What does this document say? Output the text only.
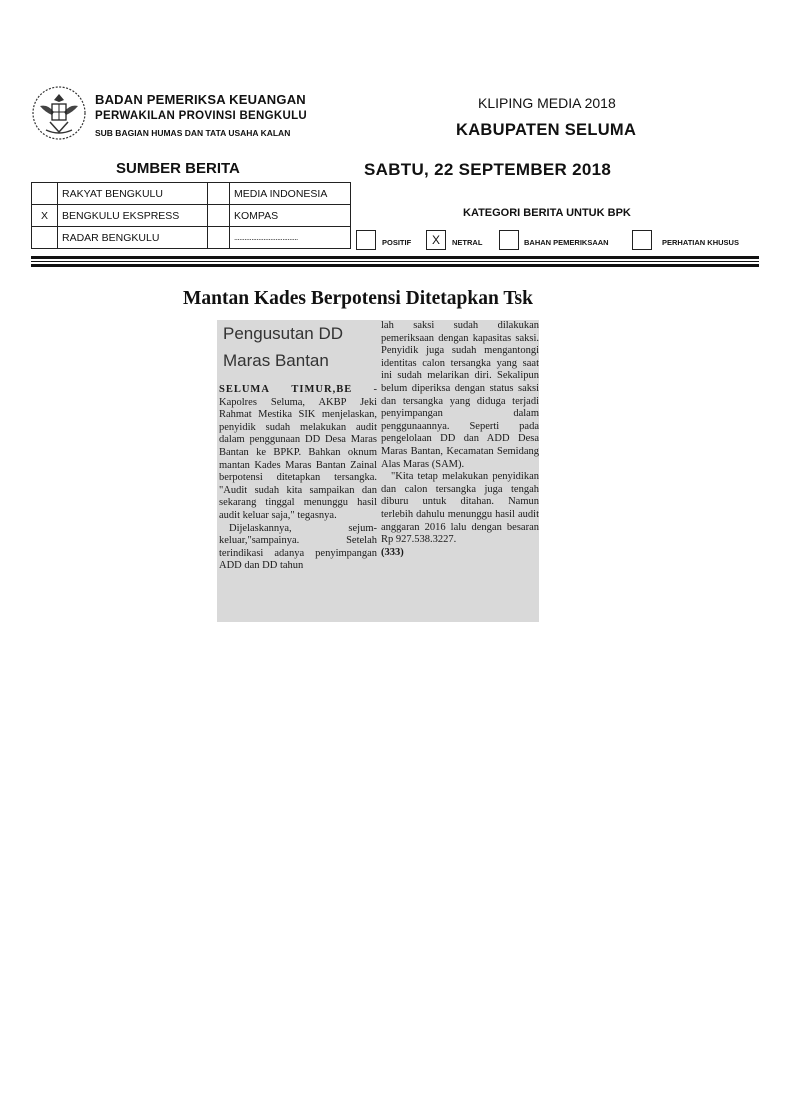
BADAN PEMERIKSA KEUANGAN
PERWAKILAN PROVINSI BENGKULU
SUB BAGIAN HUMAS DAN TATA USAHA KALAN
KLIPING MEDIA 2018
KABUPATEN SELUMA
SUMBER BERITA	SABTU, 22 SEPTEMBER 2018
	RAKYAT BENGKULU		MEDIA INDONESIA
X	BENGKULU EKSPRESS		KOMPAS
	RADAR BENGKULU		.....................................
KATEGORI BERITA UNTUK BPK
POSITIF	X	NETRAL	BAHAN PEMERIKSAAN	PERHATIAN KHUSUS
Mantan Kades Berpotensi Ditetapkan Tsk

Pengusutan DD Maras Bantan

SELUMA TIMUR,BE - Kapolres Seluma, AKBP Jeki Rahmat Mestika SIK menjelaskan, penyidik sudah melakukan audit dalam penggunaan DD Desa Maras Bantan ke BPKP. Bahkan oknum mantan Kades Maras Bantan Zainal berpotensi ditetapkan tersangka. "Audit sudah kita sampaikan dan sekarang tinggal menunggu hasil audit keluar saja," tegasnya.

Dijelaskannya, sejum-keluar,"sampainya. Setelah terindikasi adanya penyimpangan ADD dan DD tahun

lah saksi sudah dilakukan pemeriksaan dengan kapasitas saksi. Penyidik juga sudah mengantongi identitas calon tersangka yang saat ini sudah melarikan diri. Sekalipun belum diperiksa dengan status saksi dan tersangka yang diduga terjadi penyimpangan dalam penggunaannya. Seperti pada pengelolaan DD dan ADD Desa Maras Bantan, Kecamatan Semidang Alas Maras (SAM).

"Kita tetap melakukan penyidikan dan calon tersangka juga tengah diburu untuk ditahan. Namun terlebih dahulu menunggu hasil audit anggaran 2016 lalu dengan besaran Rp 927.538.3227.

(333)
